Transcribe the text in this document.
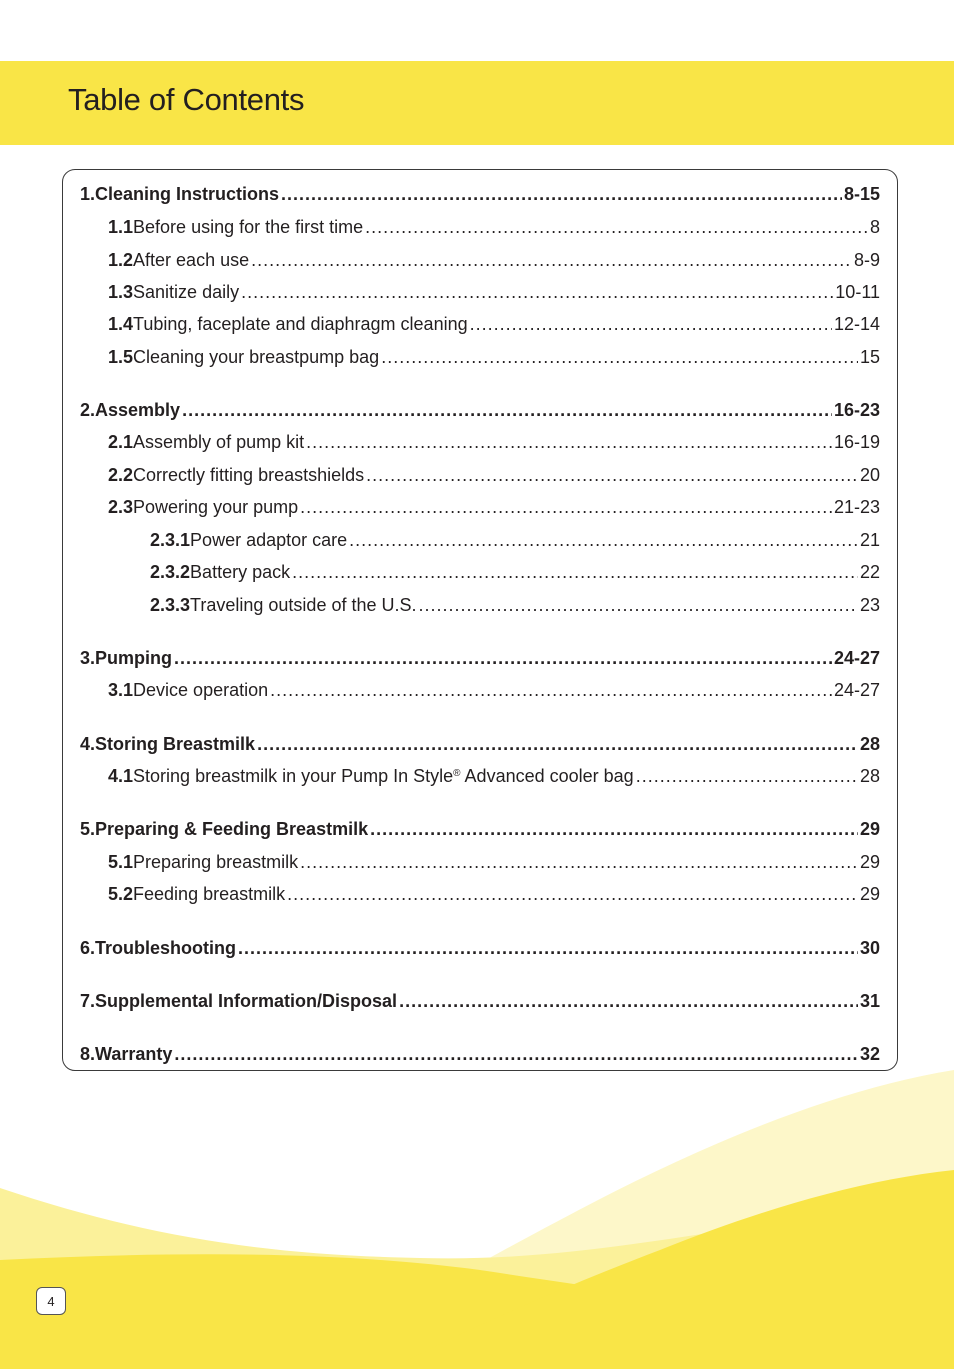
Table of Contents
1. Cleaning Instructions .....	8-15
1.1 Before using for the first time .....	8
1.2 After each use .....	8-9
1.3 Sanitize daily .....	10-11
1.4 Tubing, faceplate and diaphragm cleaning .....	12-14
1.5 Cleaning your breastpump bag .....	15
2. Assembly .....	16-23
2.1 Assembly of pump kit .....	16-19
2.2 Correctly fitting breastshields .....	20
2.3 Powering your pump .....	21-23
2.3.1 Power adaptor care .....	21
2.3.2 Battery pack .....	22
2.3.3 Traveling outside of the U.S. .....	23
3. Pumping .....	24-27
3.1 Device operation .....	24-27
4. Storing Breastmilk .....	28
4.1 Storing breastmilk in your Pump In Style® Advanced cooler bag .....	28
5. Preparing & Feeding Breastmilk .....	29
5.1 Preparing breastmilk .....	29
5.2 Feeding breastmilk .....	29
6. Troubleshooting .....	30
7. Supplemental Information/Disposal .....	31
8. Warranty .....	32
4
